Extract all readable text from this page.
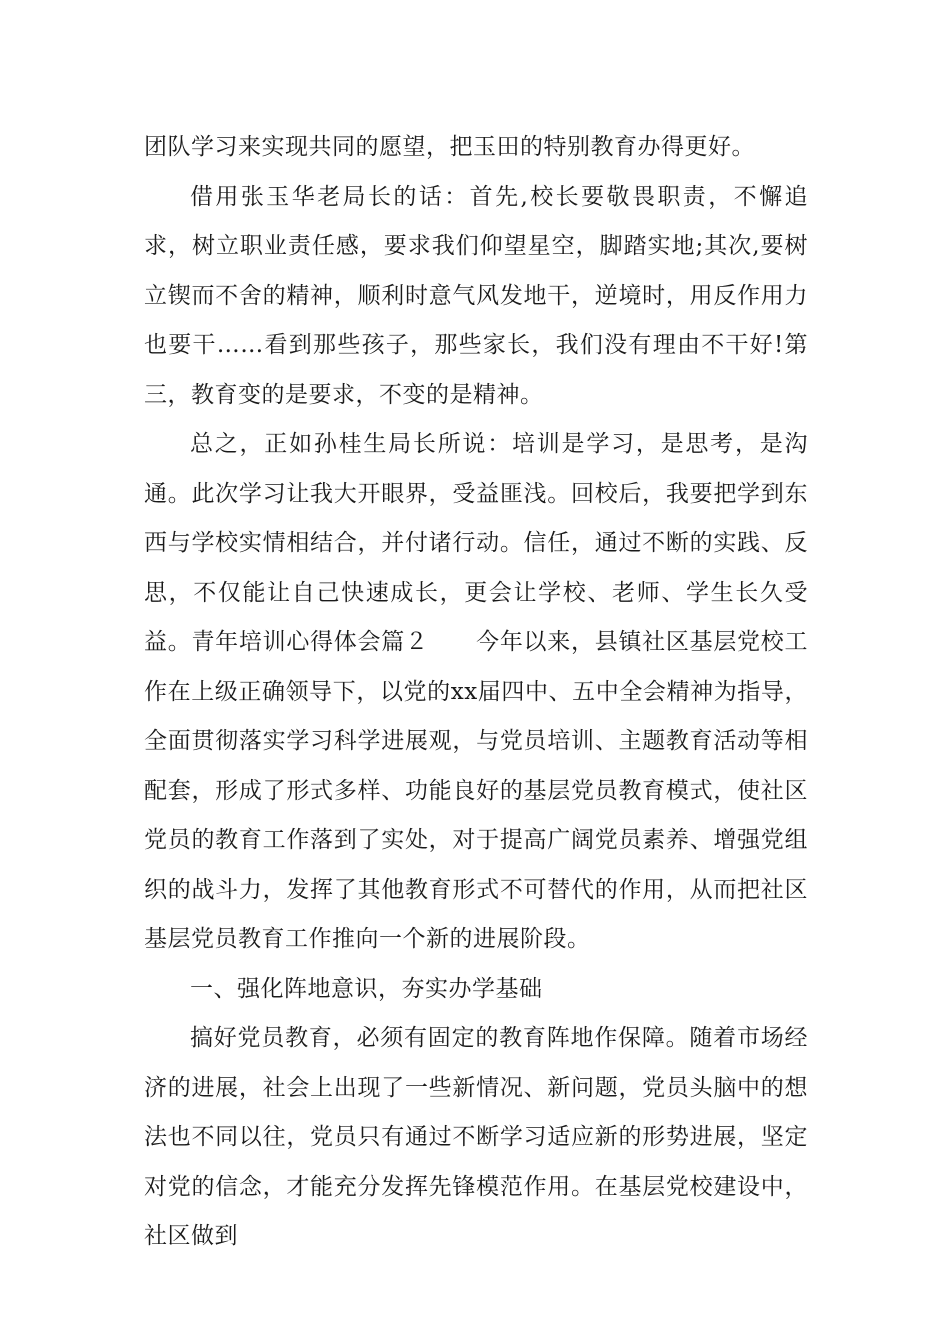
团队学习来实现共同的愿望，把玉田的特别教育办得更好。

借用张玉华老局长的话：首先,校长要敬畏职责，不懈追求，树立职业责任感，要求我们仰望星空，脚踏实地;其次,要树立锲而不舍的精神，顺利时意气风发地干，逆境时，用反作用力也要干……看到那些孩子，那些家长，我们没有理由不干好!第三，教育变的是要求，不变的是精神。

总之，正如孙桂生局长所说：培训是学习，是思考，是沟通。此次学习让我大开眼界，受益匪浅。回校后，我要把学到东西与学校实情相结合，并付诸行动。信任，通过不断的实践、反思，不仅能让自己快速成长，更会让学校、老师、学生长久受益。青年培训心得体会篇２　　今年以来，县镇社区基层党校工作在上级正确领导下，以党的xx届四中、五中全会精神为指导，全面贯彻落实学习科学进展观，与党员培训、主题教育活动等相配套，形成了形式多样、功能良好的基层党员教育模式，使社区党员的教育工作落到了实处，对于提高广阔党员素养、增强党组织的战斗力，发挥了其他教育形式不可替代的作用，从而把社区基层党员教育工作推向一个新的进展阶段。

一、强化阵地意识，夯实办学基础

搞好党员教育，必须有固定的教育阵地作保障。随着市场经济的进展，社会上出现了一些新情况、新问题，党员头脑中的想法也不同以往，党员只有通过不断学习适应新的形势进展，坚定对党的信念，才能充分发挥先锋模范作用。在基层党校建设中，社区做到
